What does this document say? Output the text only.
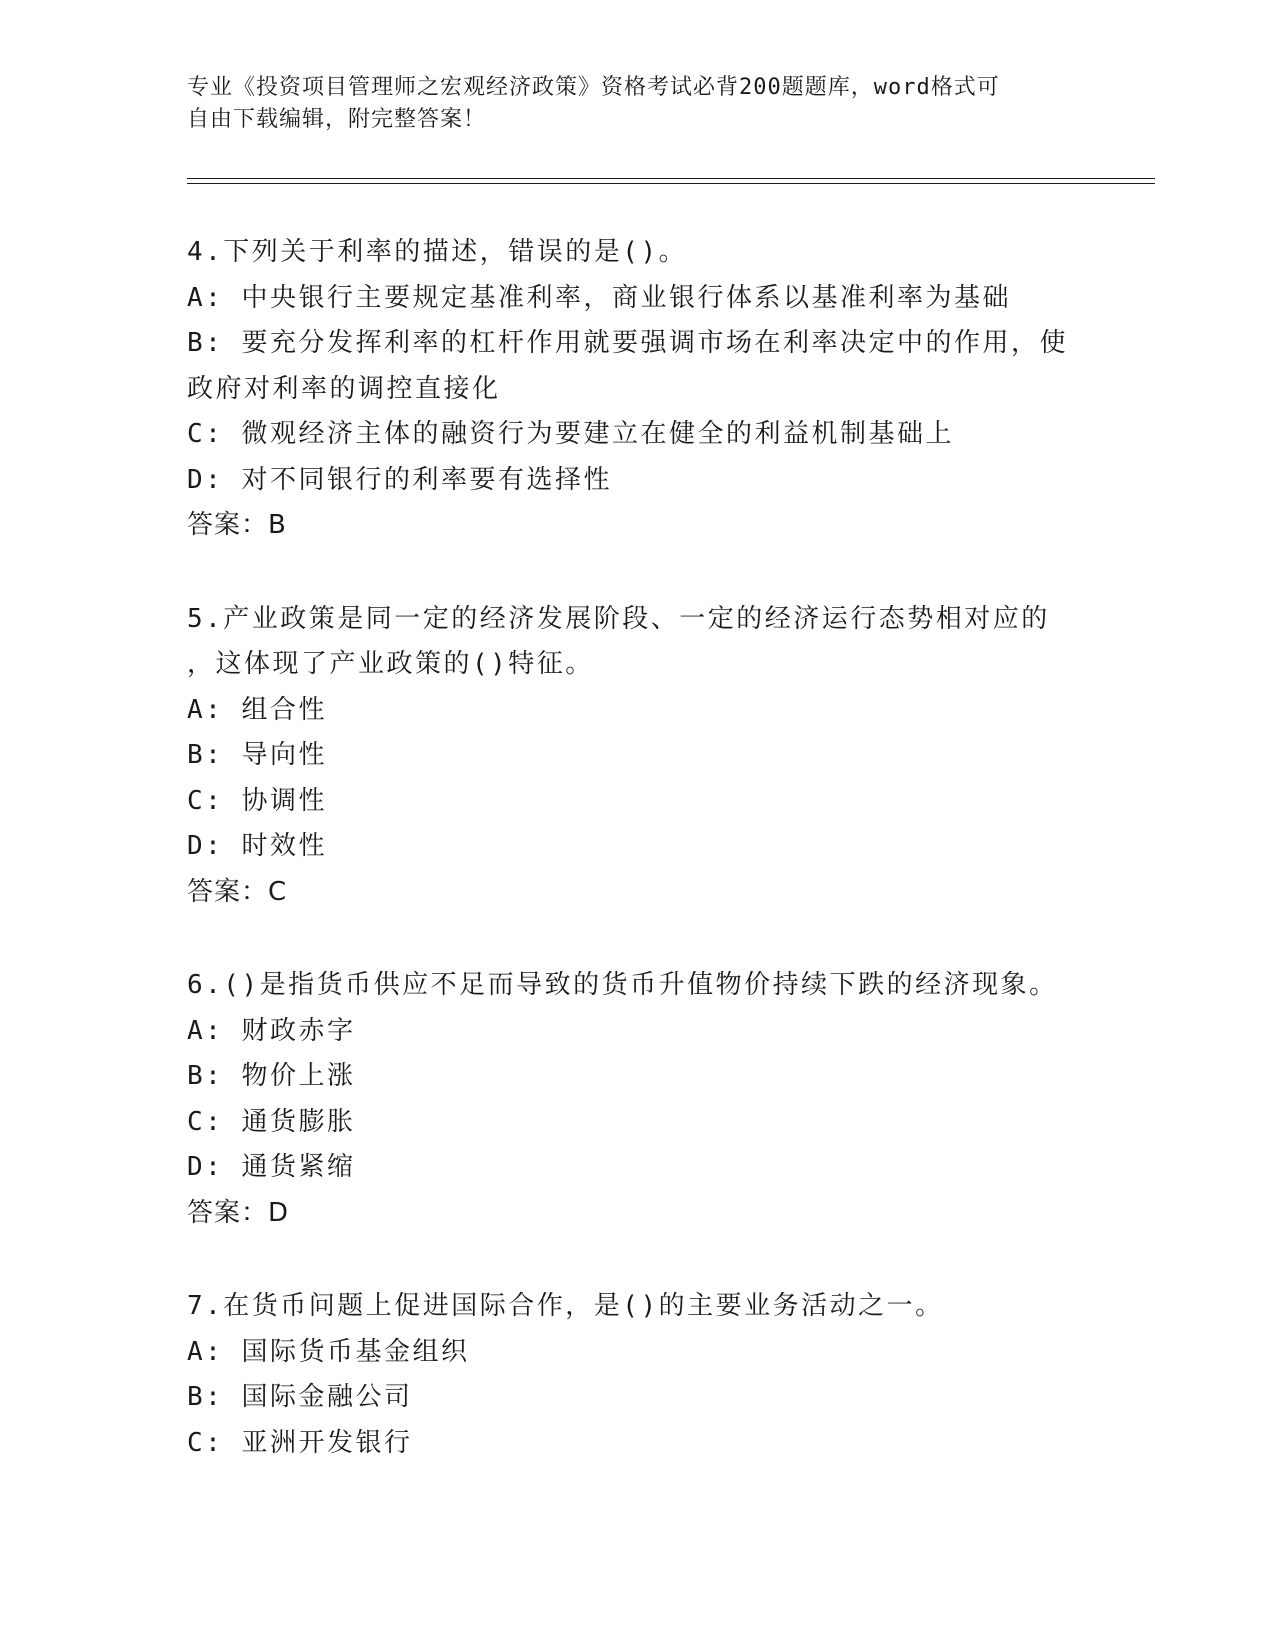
专业《投资项目管理师之宏观经济政策》资格考试必背200题题库，word格式可
自由下载编辑，附完整答案！
4.下列关于利率的描述，错误的是()。
A: 中央银行主要规定基准利率，商业银行体系以基准利率为基础
B: 要充分发挥利率的杠杆作用就要强调市场在利率决定中的作用，使
政府对利率的调控直接化
C: 微观经济主体的融资行为要建立在健全的利益机制基础上
D: 对不同银行的利率要有选择性
答案：B
5.产业政策是同一定的经济发展阶段、一定的经济运行态势相对应的
，这体现了产业政策的()特征。
A: 组合性
B: 导向性
C: 协调性
D: 时效性
答案：C
6.()是指货币供应不足而导致的货币升值物价持续下跌的经济现象。
A: 财政赤字
B: 物价上涨
C: 通货膨胀
D: 通货紧缩
答案：D
7.在货币问题上促进国际合作，是()的主要业务活动之一。
A: 国际货币基金组织
B: 国际金融公司
C: 亚洲开发银行
